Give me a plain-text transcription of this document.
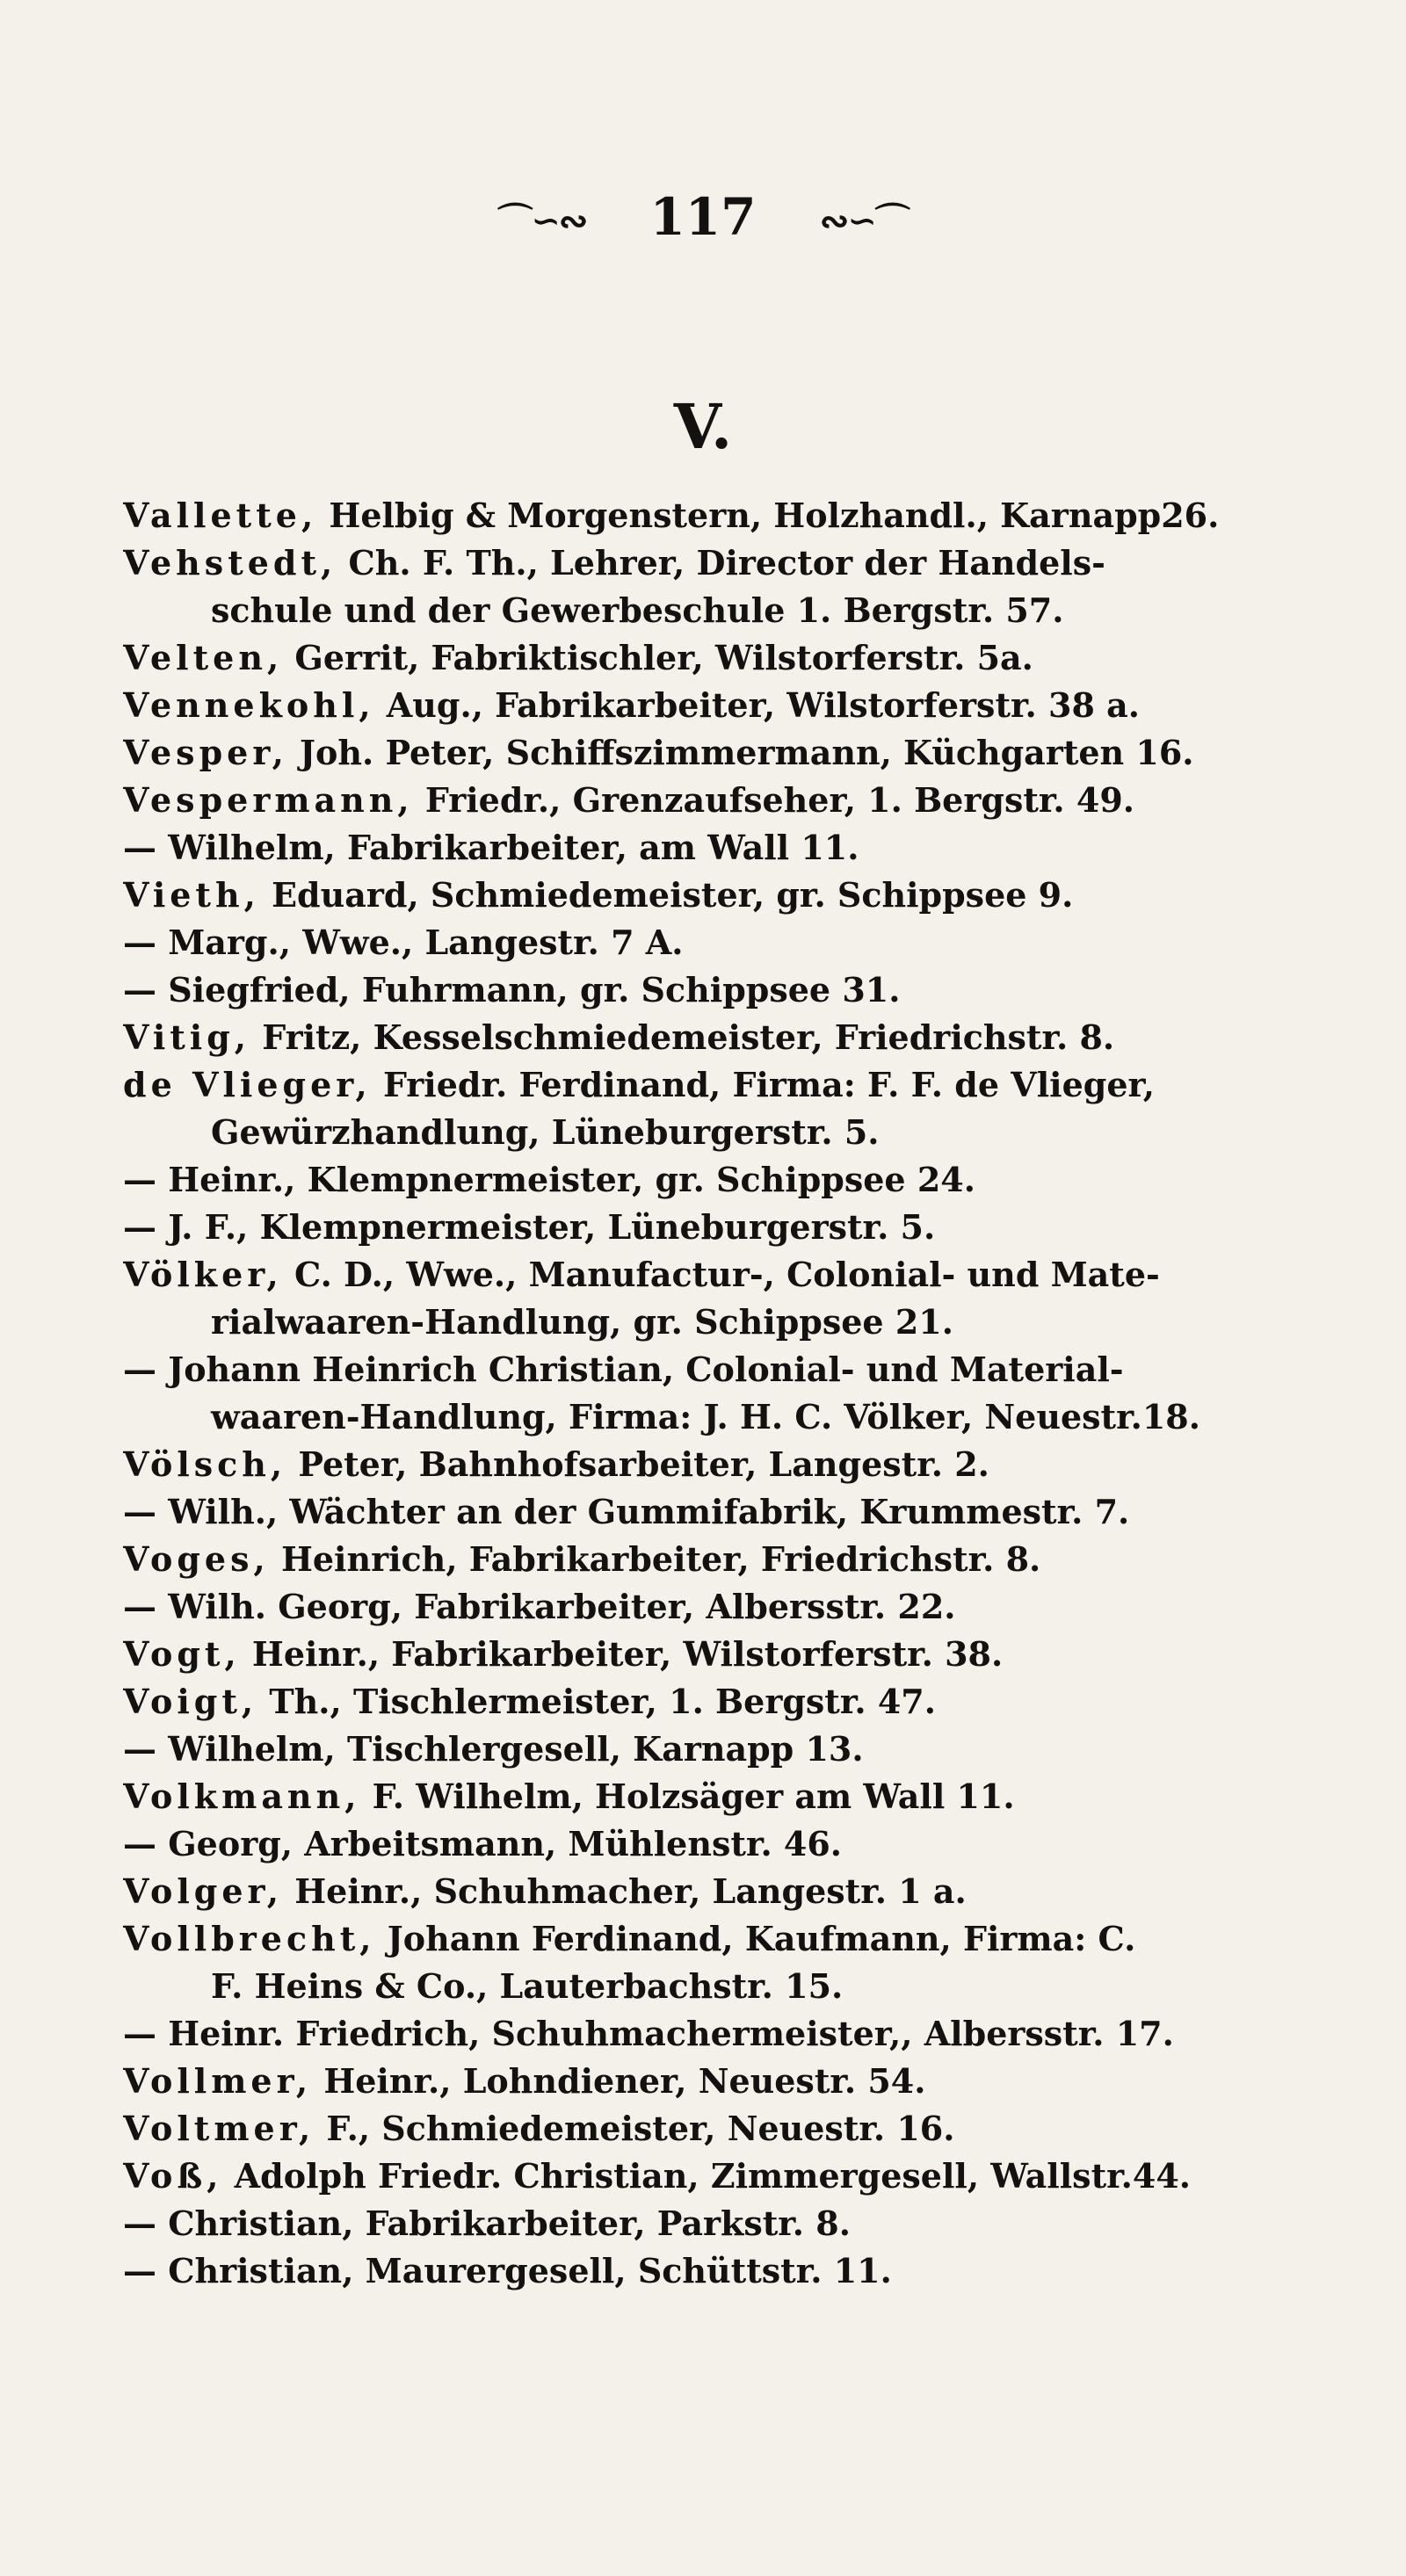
⌒∽∾ 117 ∾∽⌒
V.
Vallette, Helbig & Morgenstern, Holzhandl., Karnapp26.
Vehstedt, Ch. F. Th., Lehrer, Director der Handels-
schule und der Gewerbeschule 1. Bergstr. 57.
Velten, Gerrit, Fabriktischler, Wilstorferstr. 5a.
Vennekohl, Aug., Fabrikarbeiter, Wilstorferstr. 38 a.
Vesper, Joh. Peter, Schiffszimmermann, Küchgarten 16.
Vespermann, Friedr., Grenzaufseher, 1. Bergstr. 49.
— Wilhelm, Fabrikarbeiter, am Wall 11.
Vieth, Eduard, Schmiedemeister, gr. Schippsee 9.
— Marg., Wwe., Langestr. 7 A.
— Siegfried, Fuhrmann, gr. Schippsee 31.
Vitig, Fritz, Kesselschmiedemeister, Friedrichstr. 8.
de Vlieger, Friedr. Ferdinand, Firma: F. F. de Vlieger,
Gewürzhandlung, Lüneburgerstr. 5.
— Heinr., Klempnermeister, gr. Schippsee 24.
— J. F., Klempnermeister, Lüneburgerstr. 5.
Völker, C. D., Wwe., Manufactur-, Colonial- und Mate-
rialwaaren-Handlung, gr. Schippsee 21.
— Johann Heinrich Christian, Colonial- und Material-
waaren-Handlung, Firma: J. H. C. Völker, Neuestr.18.
Völsch, Peter, Bahnhofsarbeiter, Langestr. 2.
— Wilh., Wächter an der Gummifabrik, Krummestr. 7.
Voges, Heinrich, Fabrikarbeiter, Friedrichstr. 8.
— Wilh. Georg, Fabrikarbeiter, Albersstr. 22.
Vogt, Heinr., Fabrikarbeiter, Wilstorferstr. 38.
Voigt, Th., Tischlermeister, 1. Bergstr. 47.
— Wilhelm, Tischlergesell, Karnapp 13.
Volkmann, F. Wilhelm, Holzsäger am Wall 11.
— Georg, Arbeitsmann, Mühlenstr. 46.
Volger, Heinr., Schuhmacher, Langestr. 1 a.
Vollbrecht, Johann Ferdinand, Kaufmann, Firma: C.
F. Heins & Co., Lauterbachstr. 15.
— Heinr. Friedrich, Schuhmachermeister,, Albersstr. 17.
Vollmer, Heinr., Lohndiener, Neuestr. 54.
Voltmer, F., Schmiedemeister, Neuestr. 16.
Voß, Adolph Friedr. Christian, Zimmergesell, Wallstr.44.
— Christian, Fabrikarbeiter, Parkstr. 8.
— Christian, Maurergesell, Schüttstr. 11.
